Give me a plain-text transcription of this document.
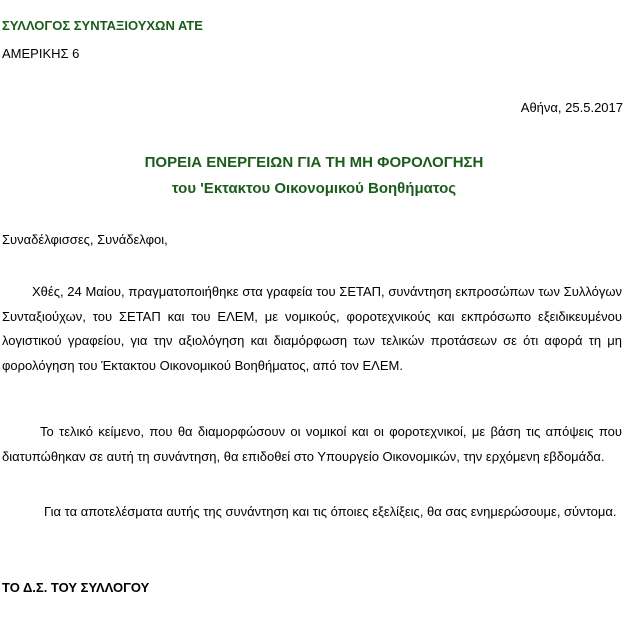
ΣΥΛΛΟΓΟΣ ΣΥΝΤΑΞΙΟΥΧΩΝ ΑΤΕ
ΑΜΕΡΙΚΗΣ 6
Αθήνα, 25.5.2017
ΠΟΡΕΙΑ ΕΝΕΡΓΕΙΩΝ ΓΙΑ ΤΗ ΜΗ ΦΟΡΟΛΟΓΗΣΗ
του 'Εκτακτου Οικονομικού Βοηθήματος
Συναδέλφισσες, Συνάδελφοι,

Χθές, 24 Μαίου, πραγματοποιήθηκε στα γραφεία του ΣΕΤΑΠ, συνάντηση εκπροσώπων των Συλλόγων Συνταξιούχων, του ΣΕΤΑΠ και του ΕΛΕΜ, με νομικούς, φοροτεχνικούς και εκπρόσωπο εξειδικευμένου λογιστικού γραφείου, για την αξιολόγηση και διαμόρφωση των τελικών προτάσεων σε ότι αφορά τη μη φορολόγηση του Έκτακτου Οικονομικού Βοηθήματος, από τον ΕΛΕΜ.

Το τελικό κείμενο, που θα διαμορφώσουν οι νομικοί και οι φοροτεχνικοί, με βάση τις απόψεις που διατυπώθηκαν σε αυτή τη συνάντηση, θα επιδοθεί στο Υπουργείο Οικονομικών, την ερχόμενη εβδομάδα.

Για τα αποτελέσματα αυτής της συνάντηση και τις όποιες εξελίξεις, θα σας ενημερώσουμε, σύντομα.

ΤΟ Δ.Σ. ΤΟΥ ΣΥΛΛΟΓΟΥ
